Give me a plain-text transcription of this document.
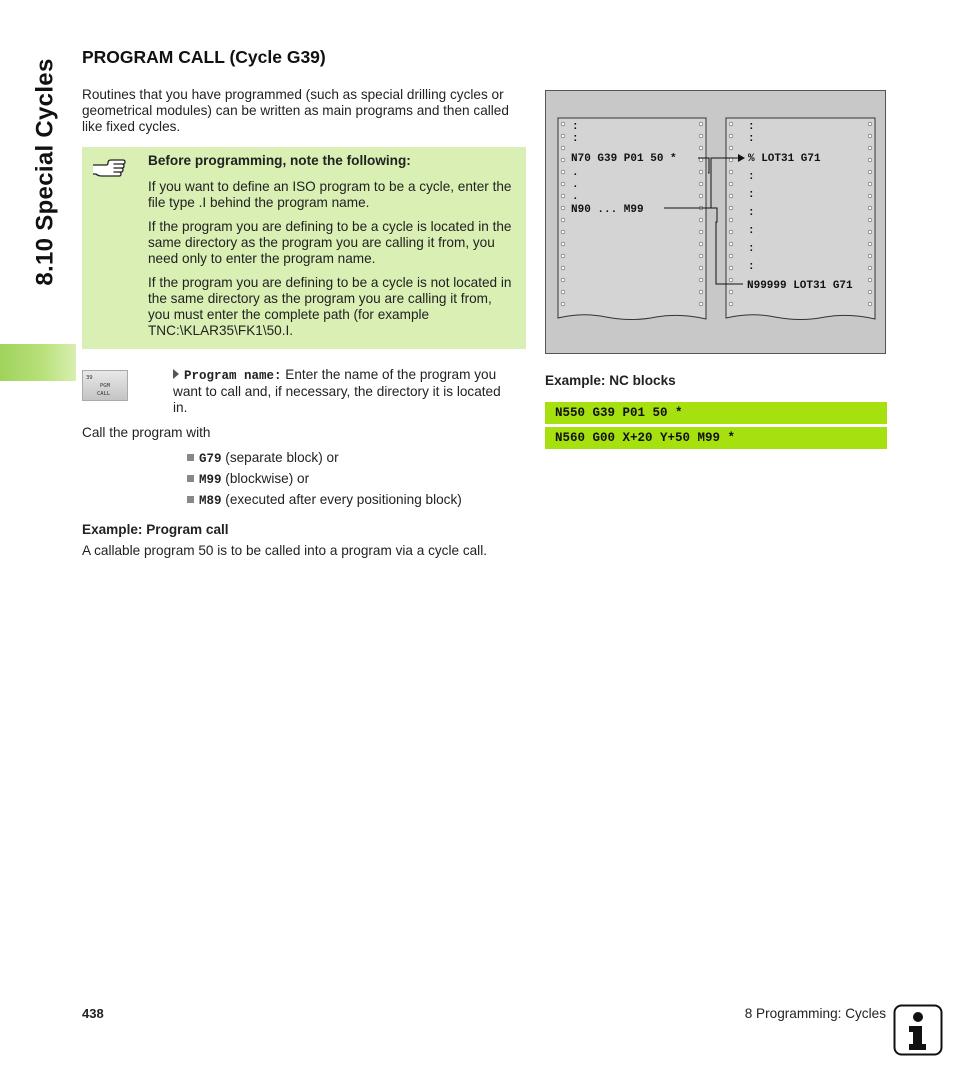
8.10 Special Cycles
PROGRAM CALL (Cycle G39)

Routines that you have programmed (such as special drilling cycles or geometrical modules) can be written as main programs and then called like fixed cycles.

Before programming, note the following:

If you want to define an ISO program to be a cycle, enter the file type .I behind the program name.

If the program you are defining to be a cycle is located in the same directory as the program you are calling it from, you need only to enter the program name.

If the program you are defining to be a cycle is not located in the same directory as the program you are calling it from, you must enter the complete path (for example TNC:\KLAR35\FK1\50.I.

39
PGM
CALL
Program name: Enter the name of the program you want to call and, if necessary, the directory it is located in.

Call the program with

G79 (separate block) or
M99 (blockwise) or
M89 (executed after every positioning block)

Example: Program call

A callable program 50 is to be called into a program via a cycle call.

:
:
.
.
.
N70 G39 P01 50 *
N90 ... M99
% LOT31 G71
:
:
:
:
:
:
:
:
N99999 LOT31 G71

Example: NC blocks

N550 G39 P01 50 *
N560 G00 X+20 Y+50 M99 *
438	8 Programming: Cycles
